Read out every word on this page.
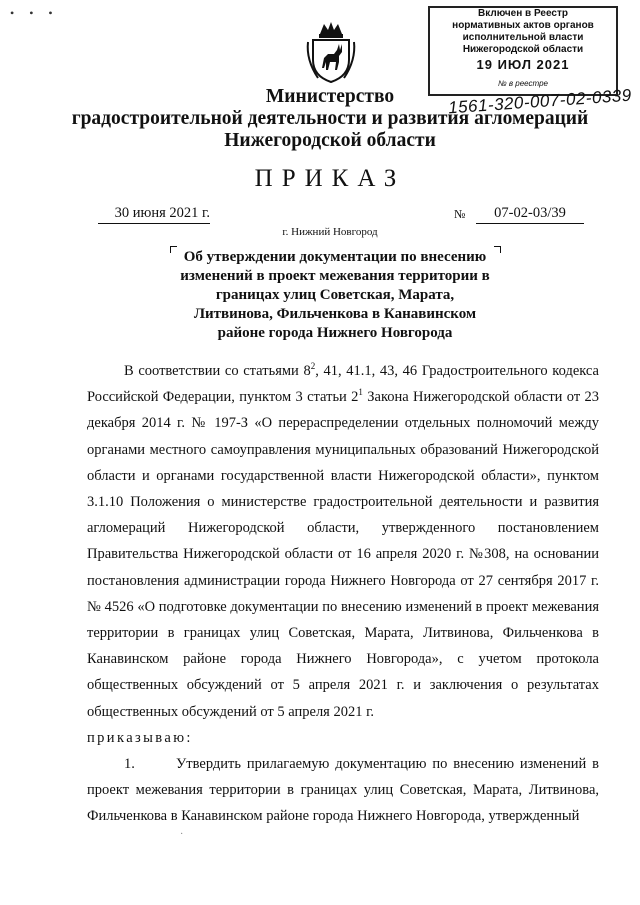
• • •	Включен в Реестр
нормативных актов органов
исполнительной власти
Нижегородской области
19 ИЮЛ 2021
№ в реестре
1561-320-007-02-0339
Министерство
градостроительной деятельности и развития агломераций
Нижегородской области
ПРИКАЗ
30 июня 2021 г.	№	07-02-03/39
г. Нижний Новгород
Об утверждении документации по внесению
изменений в проект межевания территории в
границах улиц Советская, Марата,
Литвинова, Фильченкова в Канавинском
районе города Нижнего Новгорода

В соответствии со статьями $8^2$, 41, 41.1, 43, 46 Градостроительного кодекса Российской Федерации, пунктом 3 статьи $2^1$ Закона Нижегородской области от 23 декабря 2014 г. № 197-З «О перераспределении отдельных полномочий между органами местного самоуправления муниципальных образований Нижегородской области и органами государственной власти Нижегородской области», пунктом 3.1.10 Положения о министерстве градостроительной деятельности и развития агломераций Нижегородской области, утвержденного постановлением Правительства Нижегородской области от 16 апреля 2020 г. №308, на основании постановления администрации города Нижнего Новгорода от 27 сентября 2017 г. № 4526 «О подготовке документации по внесению изменений в проект межевания территории в границах улиц Советская, Марата, Литвинова, Фильченкова в Канавинском районе города Нижнего Новгорода», с учетом протокола общественных обсуждений от 5 апреля 2021 г. и заключения о результатах общественных обсуждений от 5 апреля 2021 г.

приказываю:

1.	Утвердить прилагаемую документацию по внесению изменений в проект межевания территории в границах улиц Советская, Марата, Литвинова, Фильченкова в Канавинском районе города Нижнего Новгорода, утвержденный

·
